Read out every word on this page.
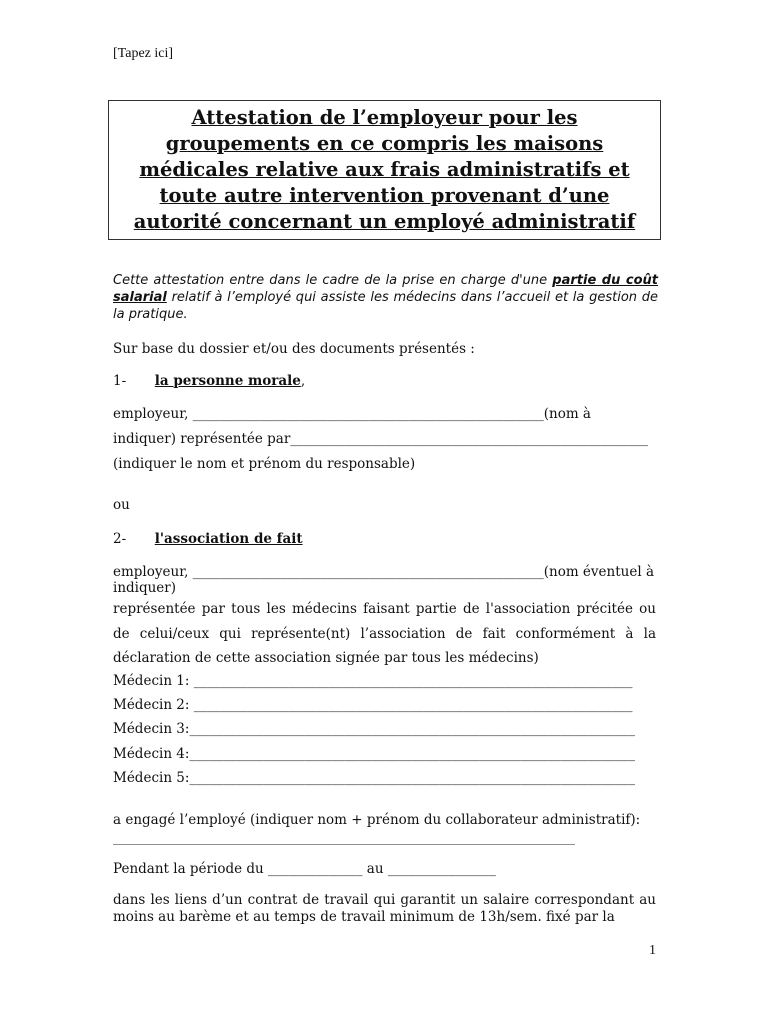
[Tapez ici]

Attestation de l’employeur pour les groupements en ce compris les maisons médicales relative aux frais administratifs et toute autre intervention provenant d’une autorité concernant un employé administratif

Cette attestation entre dans le cadre de la prise en charge d'une partie du coût salarial relatif à l’employé qui assiste les médecins dans l’accueil et la gestion de la pratique.
Sur base du dossier et/ou des documents présentés :
1- la personne morale,
employeur, ____________________________________________________(nom à
indiquer) représentée par_____________________________________________________
(indiquer le nom et prénom du responsable)
ou
2- l'association de fait
employeur, ____________________________________________________(nom éventuel à
indiquer)
représentée par tous les médecins faisant partie de l'association précitée ou de celui/ceux qui représente(nt) l’association de fait conformément à la déclaration de cette association signée par tous les médecins)
Médecin 1: _________________________________________________________________
Médecin 2: _________________________________________________________________
Médecin 3:__________________________________________________________________
Médecin 4:__________________________________________________________________
Médecin 5:__________________________________________________________________
a engagé l’employé (indiquer nom + prénom du collaborateur administratif):
_____________________________________________________________________________
Pendant la période du ______________ au ________________
dans les liens d’un contrat de travail qui garantit un salaire correspondant au moins au barème et au temps de travail minimum de 13h/sem. fixé par la
1
